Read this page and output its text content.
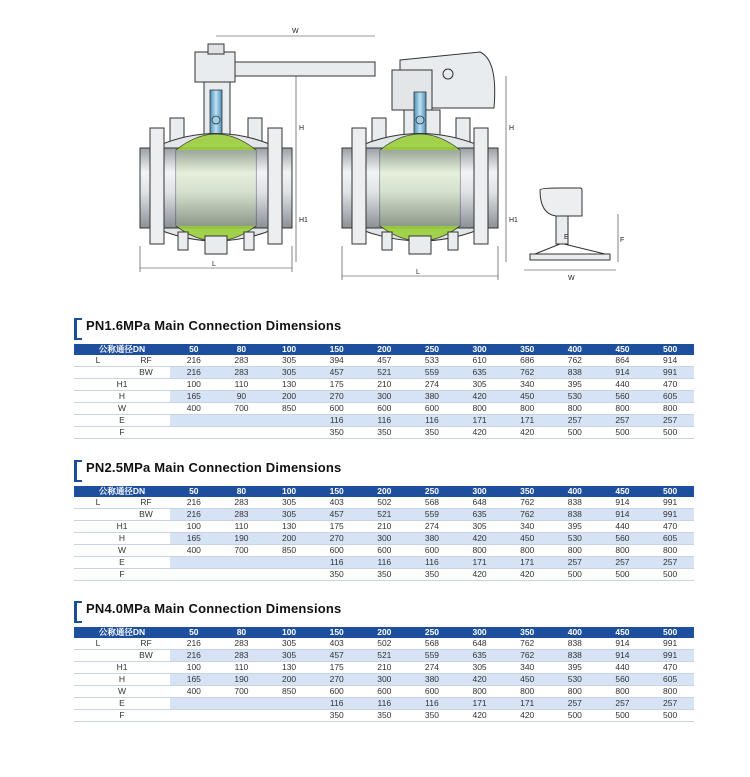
W
H
H1
L
H
H1
L
E	F
W
PN1.6MPa Main Connection Dimensions
公称通径DN		50	80	100	150	200	250	300	350	400	450	500
L	RF	216	283	305	394	457	533	610	686	762	864	914
	BW	216	283	305	457	521	559	635	762	838	914	991
H1		100	110	130	175	210	274	305	340	395	440	470
H		165	90	200	270	300	380	420	450	530	560	605
W		400	700	850	600	600	600	800	800	800	800	800
E					116	116	116	171	171	257	257	257
F					350	350	350	420	420	500	500	500
PN2.5MPa Main Connection Dimensions
公称通径DN		50	80	100	150	200	250	300	350	400	450	500
L	RF	216	283	305	403	502	568	648	762	838	914	991
	BW	216	283	305	457	521	559	635	762	838	914	991
H1		100	110	130	175	210	274	305	340	395	440	470
H		165	190	200	270	300	380	420	450	530	560	605
W		400	700	850	600	600	600	800	800	800	800	800
E					116	116	116	171	171	257	257	257
F					350	350	350	420	420	500	500	500
PN4.0MPa Main Connection Dimensions
公称通径DN		50	80	100	150	200	250	300	350	400	450	500
L	RF	216	283	305	403	502	568	648	762	838	914	991
	BW	216	283	305	457	521	559	635	762	838	914	991
H1		100	110	130	175	210	274	305	340	395	440	470
H		165	190	200	270	300	380	420	450	530	560	605
W		400	700	850	600	600	600	800	800	800	800	800
E					116	116	116	171	171	257	257	257
F					350	350	350	420	420	500	500	500
